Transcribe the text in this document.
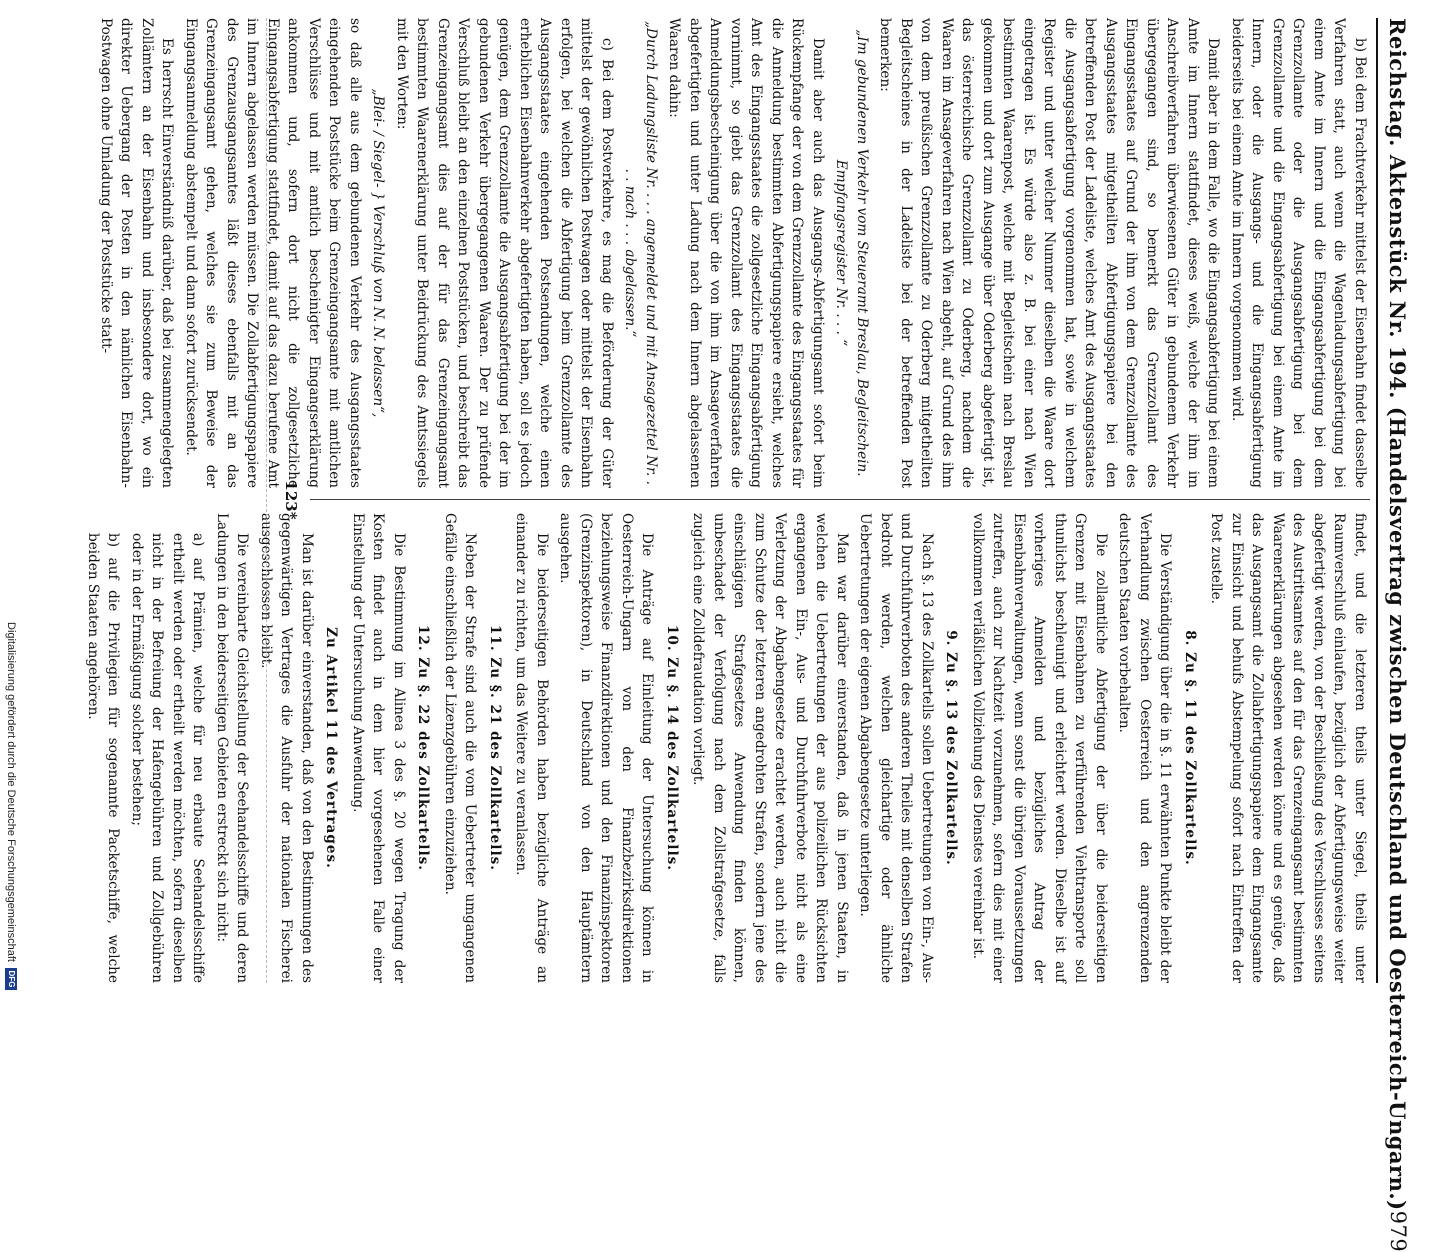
Reichstag. Aktenstück Nr. 194. (Handelsvertrag zwischen Deutschland und Oesterreich-Ungarn.)
979

b) Bei dem Frachtverkehr mittelst der Eisenbahn findet dasselbe Verfahren statt, auch wenn die Wagenladungsabfertigung bei einem Amte im Innern und die Eingangsabfertigung bei dem Grenzzollamte oder die Ausgangsabfertigung bei dem Grenzzollamte und die Eingangsabfertigung bei einem Amte im Innern, oder die Ausgangs- und die Eingangsabfertigung beiderseits bei einem Amte im Innern vorgenommen wird.

Damit aber in dem Falle, wo die Eingangsabfertigung bei einem Amte im Innern stattfindet, dieses weiß, welche der ihm im Anschreibverfahren überwiesenen Güter in gebundenem Verkehr übergegangen sind, so bemerkt das Grenzzollamt des Eingangsstaates auf Grund der ihm von dem Grenzzollamte des Ausgangsstaates mitgetheilten Abfertigungspapiere bei den betreffenden Post der Ladeliste, welches Amt des Ausgangsstaates die Ausgangsabfertigung vorgenommen hat, sowie in welchem Register und unter welcher Nummer dieselben die Waare dort eingetragen ist. Es würde also z. B. bei einer nach Wien bestimmten Waarenpost, welche mit Begleitschein nach Breslau gekommen und dort zum Ausgange über Oderberg abgefertigt ist, das österreichische Grenzzollamt zu Oderberg, nachdem die Waaren im Ansageverfahren nach Wien abgeht, auf Grund des ihm von dem preußischen Grenzzollamte zu Oderberg mitgetheilten Begleitscheines in der Ladeliste bei der betreffenden Post bemerken:

„Im gebundenen Verkehr vom Steueramt Breslau, Begleitschein. Empfangsregister Nr. . . . “

Damit aber auch das Ausgangs-Abfertigungsamt sofort beim Rückempfange der von dem Grenzzollamte des Eingangsstaates für die Anmeldung bestimmten Abfertigungspapiere ersieht, welches Amt des Eingangsstaates die zollgesetzliche Eingangsabfertigung vornimmt, so giebt das Grenzzollamt des Eingangsstaates die Anmeldungsbescheinigung über die von ihm im Ansageverfahren abgefertigten und unter Ladung nach dem Innern abgelassenen Waaren dahin:

„Durch Ladungsliste Nr. . . . angemeldet und mit Ansagezettel Nr. . . . nach . . . abgelassen.“

c) Bei dem Postverkehre, es mag die Beförderung der Güter mittelst der gewöhnlichen Postwagen oder mittelst der Eisenbahn erfolgen, bei welchen die Abfertigung beim Grenzzollamte des Ausgangsstaates eingehenden Postsendungen, welche einen erheblichen Eisenbahnverkehr abgefertigten haben, soll es jedoch genügen, dem Grenzzollamte die Ausgangsabfertigung bei der im gebundenen Verkehr übergegangenen Waaren. Der zu prüfende Verschluß bleibt an den einzelnen Poststücken, und beschreibt das Grenzeingangsamt dies auf der für das Grenzeingangsamt bestimmten Waarenerklärung unter Beidrückung des Amtssiegels mit den Worten:

„Blei- / Siegel- } Verschluß von N. N. belassen“,

so daß alle aus dem gebundenen Verkehr des Ausgangsstaates eingehenden Poststücke beim Grenzeingangsamte mit amtlichen Verschlüsse und mit amtlich bescheinigter Eingangserklärung ankommen und, sofern dort nicht die zollgesetzliche Eingangsabfertigung stattfindet, damit auf das dazu berufene Amt im Innern abgelassen werden müssen. Die Zollabfertigungspapiere des Grenzausgangsamtes läßt dieses ebenfalls mit an das Grenzeingangsamt gehen, welches sie zum Beweise der Eingangsanmeldung abstempelt und dann sofort zurücksendet.

Es herrscht Einverständniß darüber, daß bei zusammengelegten Zollämtern an der Eisenbahn und insbesondere dort, wo ein direkter Uebergang der Posten in den nämlichen Eisenbahn-Postwagen ohne Umladung der Poststücke statt-

findet, und die letzteren theils unter Siegel, theils unter Raumverschluß einlaufen, bezüglich der Abfertigungsweise weiter abgefertigt werden, von der Beschließung des Verschlusses seitens des Austrittsamtes auf den für das Grenzeingangsamt bestimmten Waarenerklärungen abgesehen werden könne und es genüge, daß das Ausgangsamt die Zollabfertigungspapiere dem Eingangsamte zur Einsicht und behufs Abstempelung sofort nach Eintreffen der Post zustelle.

8. Zu §. 11 des Zollkartells.

Die Verständigung über die in §. 11 erwähnten Punkte bleibt der Verhandlung zwischen Oesterreich und den angrenzenden deutschen Staaten vorbehalten.

Die zollamtliche Abfertigung der über die beiderseitigen Grenzen mit Eisenbahnen zu verführenden Viehtransporte soll thunlichst beschleunigt und erleichtert werden. Dieselbe ist auf vorheriges Anmelden und bezügliches Antrag der Eisenbahnverwaltungen, wenn sonst die übrigen Voraussetzungen zutreffen, auch zur Nachtzeit vorzunehmen, sofern dies mit einer vollkommen verläßlichen Vollziehung des Dienstes vereinbar ist.

9. Zu §. 13 des Zollkartells.

Nach §. 13 des Zollkartells sollen Uebertretungen von Ein-, Aus- und Durchfuhrverboten des anderen Theiles mit denselben Strafen bedroht werden, welchen gleichartige oder ähnliche Uebertretungen der eigenen Abgabengesetze unterliegen.

Man war darüber einverstanden, daß in jenen Staaten, in welchen die Uebertretungen der aus polizeilichen Rücksichten ergangenen Ein-, Aus- und Durchfuhrverbote nicht als eine Verletzung der Abgabengesetze erachtet werden, auch nicht die zum Schutze der letzteren angedrohten Strafen, sondern jene des einschlägigen Strafgesetzes Anwendung finden können, unbeschadet der Verfolgung nach dem Zollstrafgesetze, falls zugleich eine Zolldefraudation vorliegt.

10. Zu §. 14 des Zollkartells.

Die Anträge auf Einleitung der Untersuchung können in Oesterreich-Ungarn von den Finanzbezirksdirektionen beziehungsweise Finanzdirektionen und den Finanzinspektoren (Grenzinspektoren), in Deutschland von den Hauptämtern ausgehen.

Die beiderseitigen Behörden haben bezügliche Anträge an einander zu richten, um das Weitere zu veranlassen.

11. Zu §. 21 des Zollkartells.

Neben der Strafe sind auch die vom Uebertreter umgangenen Gefälle einschließlich der Lizenzgebühren einzuziehen.

12. Zu §. 22 des Zollkartells.

Die Bestimmung im Alinea 3 des §. 20 wegen Tragung der Kosten findet auch in dem hier vorgesehenen Falle einer Einstellung der Untersuchung Anwendung.

Zu Artikel 11 des Vertrages.

Man ist darüber einverstanden, daß von den Bestimmungen des gegenwärtigen Vertrages die Ausfuhr der nationalen Fischerei ausgeschlossen bleibt.

Die vereinbarte Gleichstellung der Seehandelsschiffe und deren Ladungen in den beiderseitigen Gebieten erstreckt sich nicht:

a) auf Prämien, welche für neu erbaute Seehandelsschiffe ertheilt werden oder ertheilt werden möchten, sofern dieselben nicht in der Befreiung der Hafengebühren und Zollgebühren oder in der Ermäßigung solcher bestehen;

b) auf die Privilegien für sogenannte Packetschiffe, welche beiden Staaten angehören.

123*
Digitalisierung gefördert durch die Deutsche Forschungsgemeinschaft
DFG
